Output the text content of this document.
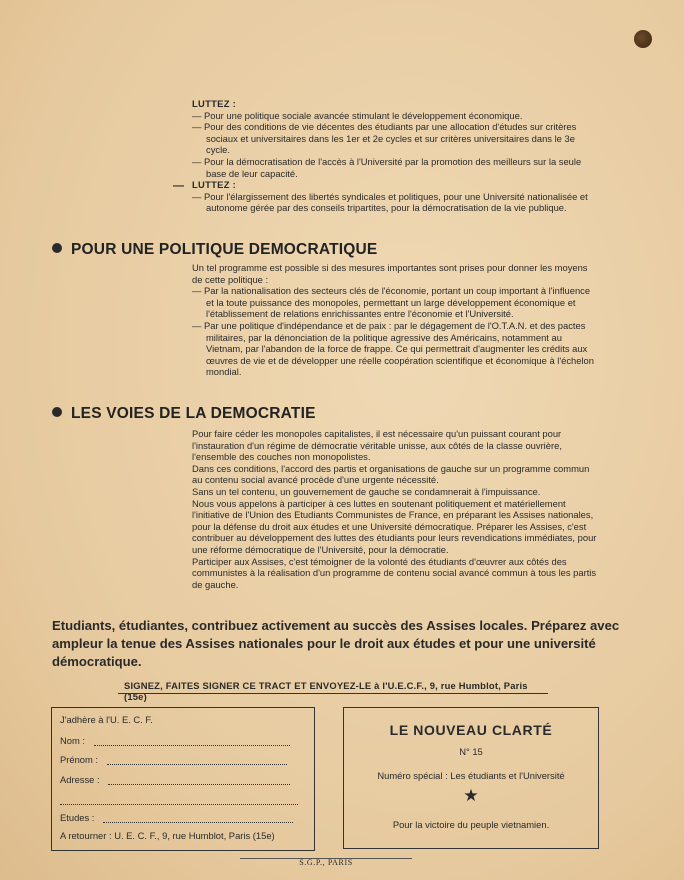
LUTTEZ :

— Pour une politique sociale avancée stimulant le développement économique.

— Pour des conditions de vie décentes des étudiants par une allocation d'études sur critères sociaux et universitaires dans les 1er et 2e cycles et sur critères universitaires dans le 3e cycle.

— Pour la démocratisation de l'accès à l'Université par la promotion des meilleurs sur la seule base de leur capacité.

LUTTEZ :

— Pour l'élargissement des libertés syndicales et politiques, pour une Université nationalisée et autonome gérée par des conseils tripartites, pour la démocratisation de la vie publique.

—
POUR UNE POLITIQUE DEMOCRATIQUE

Un tel programme est possible si des mesures importantes sont prises pour donner les moyens de cette politique :

— Par la nationalisation des secteurs clés de l'économie, portant un coup important à l'influence et la toute puissance des monopoles, permettant un large développement économique et l'établissement de relations enrichissantes entre l'économie et l'Université.

— Par une politique d'indépendance et de paix : par le dégagement de l'O.T.A.N. et des pactes militaires, par la dénonciation de la politique agressive des Américains, notamment au Vietnam, par l'abandon de la force de frappe. Ce qui permettrait d'augmenter les crédits aux œuvres de vie et de développer une réelle coopération scientifique et économique à l'échelon mondial.

LES VOIES DE LA DEMOCRATIE

Pour faire céder les monopoles capitalistes, il est nécessaire qu'un puissant courant pour l'instauration d'un régime de démocratie véritable unisse, aux côtés de la classe ouvrière, l'ensemble des couches non monopolistes.

Dans ces conditions, l'accord des partis et organisations de gauche sur un programme commun au contenu social avancé procède d'une urgente nécessité.

Sans un tel contenu, un gouvernement de gauche se condamnerait à l'impuissance.

Nous vous appelons à participer à ces luttes en soutenant politiquement et matériellement l'initiative de l'Union des Etudiants Communistes de France, en préparant les Assises nationales, pour la défense du droit aux études et une Université démocratique. Préparer les Assises, c'est contribuer au développement des luttes des étudiants pour leurs revendications immédiates, pour une réforme démocratique de l'Université, pour la démocratie.

Participer aux Assises, c'est témoigner de la volonté des étudiants d'œuvrer aux côtés des communistes à la réalisation d'un programme de contenu social avancé commun à tous les partis de gauche.

Etudiants, étudiantes, contribuez activement au succès des Assises locales. Préparez avec ampleur la tenue des Assises nationales pour le droit aux études et pour une université démocratique.
SIGNEZ, FAITES SIGNER CE TRACT ET ENVOYEZ-LE à l'U.E.C.F., 9, rue Humblot, Paris (15e)
J'adhère à l'U. E. C. F.
Nom :
Prénom :
Adresse :
Etudes :
A retourner : U. E. C. F., 9, rue Humblot, Paris (15e)
LE NOUVEAU CLARTÉ
N° 15
Numéro spécial : Les étudiants et l'Université
★
Pour la victoire du peuple vietnamien.
S.G.P., PARIS
